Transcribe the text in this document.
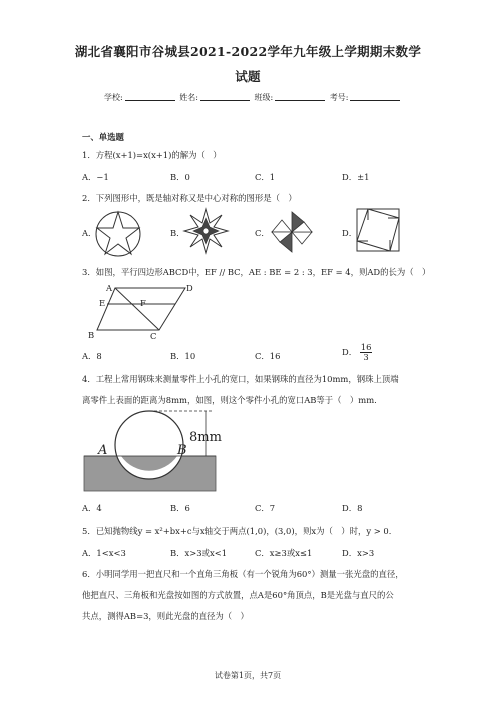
湖北省襄阳市谷城县2021-2022学年九年级上学期期末数学
试题
学校:	姓名:	班级:	考号:
一、单选题
1．方程(x+1)=x(x+1)的解为（　）
A．−1	B．0	C．1	D．±1
2．下列图形中，既是轴对称又是中心对称的图形是（　）
A．	B．	C．	D．
3．如图，平行四边形ABCD中，EF // BC，AE : BE = 2 : 3，EF = 4，则AD的长为（　）
A	D
E	F
B	C
A．8	B．10	C．16	D． $\frac{16}{3}$
4．工程上常用钢珠来测量零件上小孔的宽口，如果钢珠的直径为10mm，钢珠上顶端
离零件上表面的距离为8mm，如图，则这个零件小孔的宽口AB等于（　）mm.
8mm
A	B
A．4	B．6	C．7	D．8
5．已知抛物线y = x²+bx+c与x轴交于两点(1,0)，(3,0)，则x为（　）时，y > 0．
A．1<x<3	B．x>3或x<1	C．x≥3或x≤1	D．x>3
6．小明同学用一把直尺和一个直角三角板（有一个锐角为60°）测量一张光盘的直径，
他把直尺、三角板和光盘按如图的方式放置，点A是60°角顶点，B是光盘与直尺的公
共点，测得AB=3，则此光盘的直径为（　）
试卷第1页，共7页
